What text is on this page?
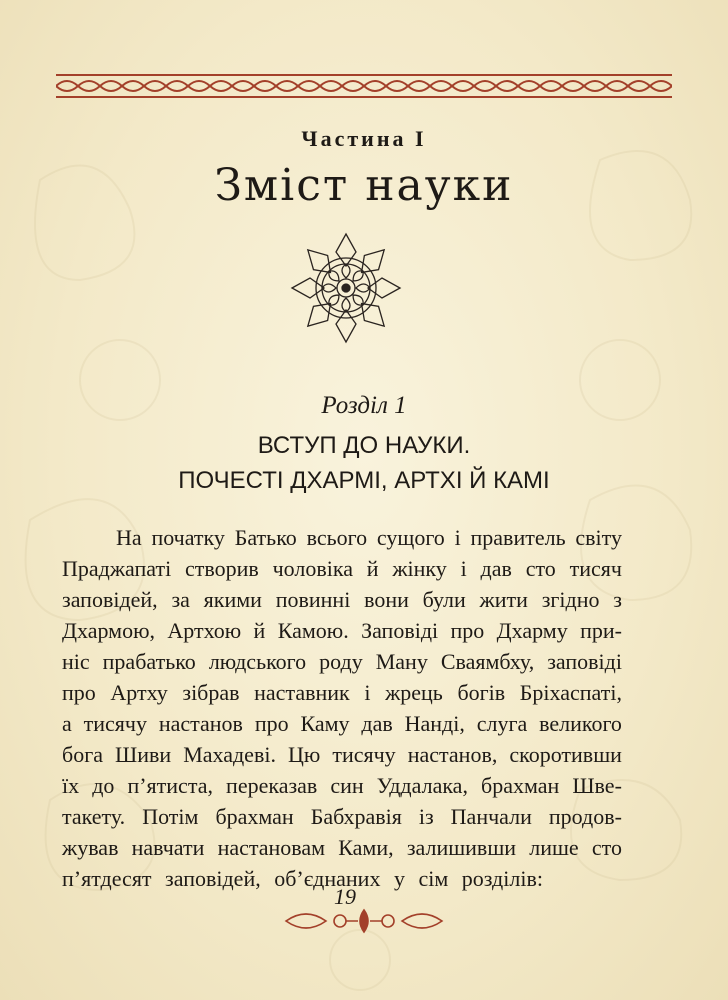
Частина І
Зміст науки
Розділ 1
ВСТУП ДО НАУКИ.
ПОЧЕСТІ ДХАРМІ, АРТХІ Й КАМІ
На початку Батько всього сущого і правитель світу
Праджапаті створив чоловіка й жінку і дав сто тисяч
заповідей, за якими повинні вони були жити згідно з
Дхармою, Артхою й Камою. Заповіді про Дхарму при-
ніс прабатько людського роду Ману Сваямбху, заповіді
про Артху зібрав наставник і жрець богів Бріхаспаті,
а тисячу настанов про Каму дав Нанді, слуга великого
бога Шиви Махадеві. Цю тисячу настанов, скоротивши
їх до п’ятиста, переказав син Уддалака, брахман Шве-
такету. Потім брахман Бабхравія із Панчали продов-
жував навчати настановам Ками, залишивши лише сто
п’ятдесят заповідей, об’єднаних у сім розділів:
19
